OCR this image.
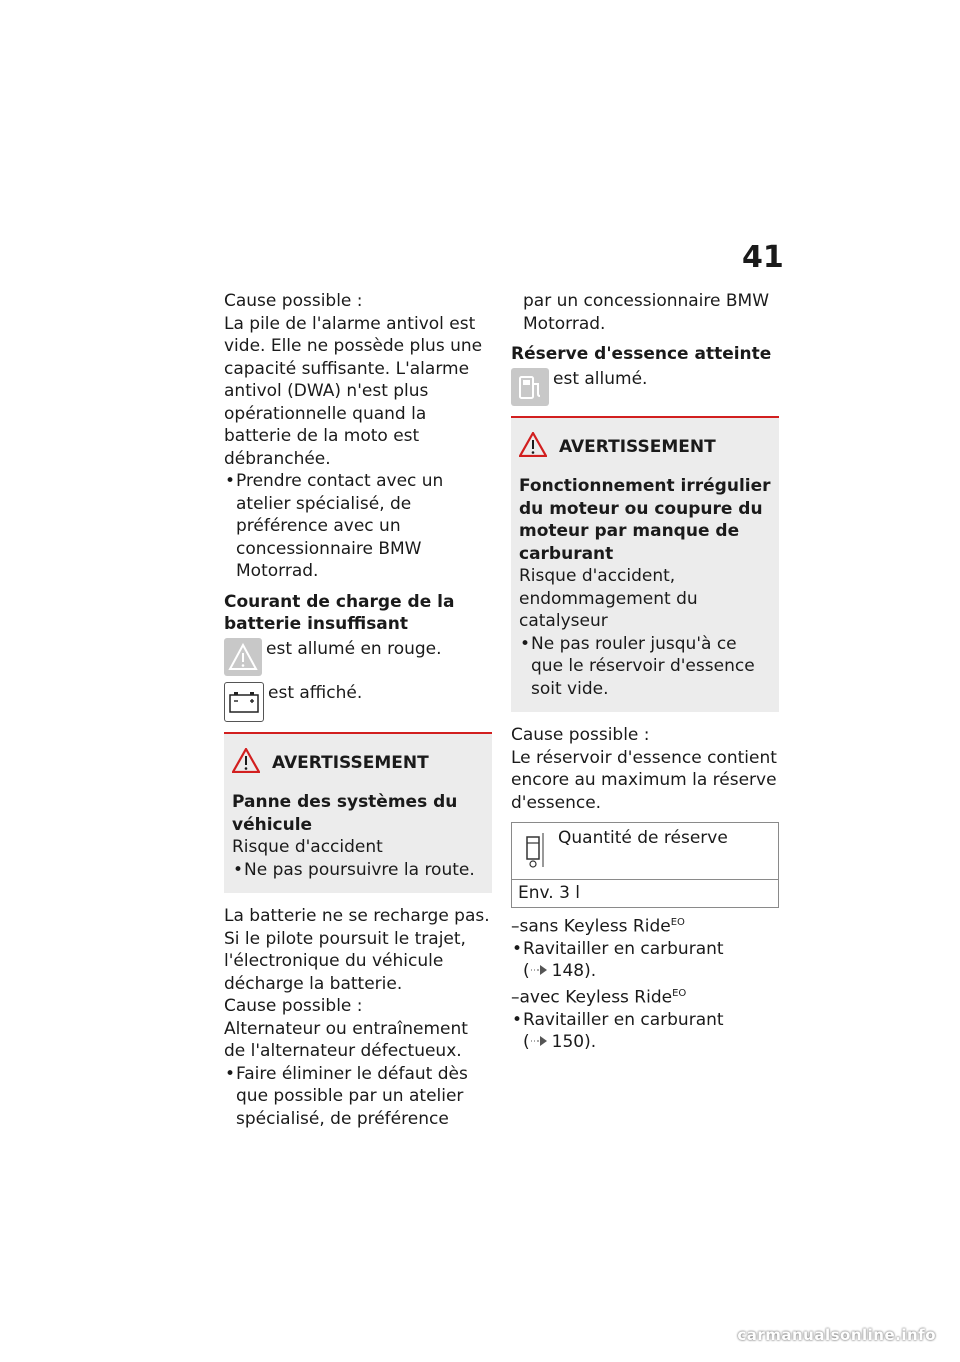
41

Cause possible :

La pile de l'alarme antivol est vide. Elle ne possède plus une capacité suffisante. L'alarme antivol (DWA) n'est plus opérationnelle quand la batterie de la moto est débranchée.

• Prendre contact avec un atelier spécialisé, de préférence avec un concessionnaire BMW Motorrad.

Courant de charge de la batterie insuffisant

est allumé en rouge.
est affiché.
AVERTISSEMENT

Panne des systèmes du véhicule

Risque d'accident

• Ne pas poursuivre la route.

La batterie ne se recharge pas. Si le pilote poursuit le trajet, l'électronique du véhicule décharge la batterie.

Cause possible :

Alternateur ou entraînement de l'alternateur défectueux.

• Faire éliminer le défaut dès que possible par un atelier spécialisé, de préférence

par un concessionnaire BMW Motorrad.

Réserve d'essence atteinte

est allumé.
AVERTISSEMENT

Fonctionnement irrégulier du moteur ou coupure du moteur par manque de carburant

Risque d'accident, endommagement du catalyseur

• Ne pas rouler jusqu'à ce que le réservoir d'essence soit vide.

Cause possible :

Le réservoir d'essence contient encore au maximum la réserve d'essence.

Quantité de réserve
Env. 3 l

–sans Keyless Ride$^{EO}$

• Ravitailler en carburant

( 148).

–avec Keyless Ride$^{EO}$

• Ravitailler en carburant

( 150).

carmanualsonline.info
